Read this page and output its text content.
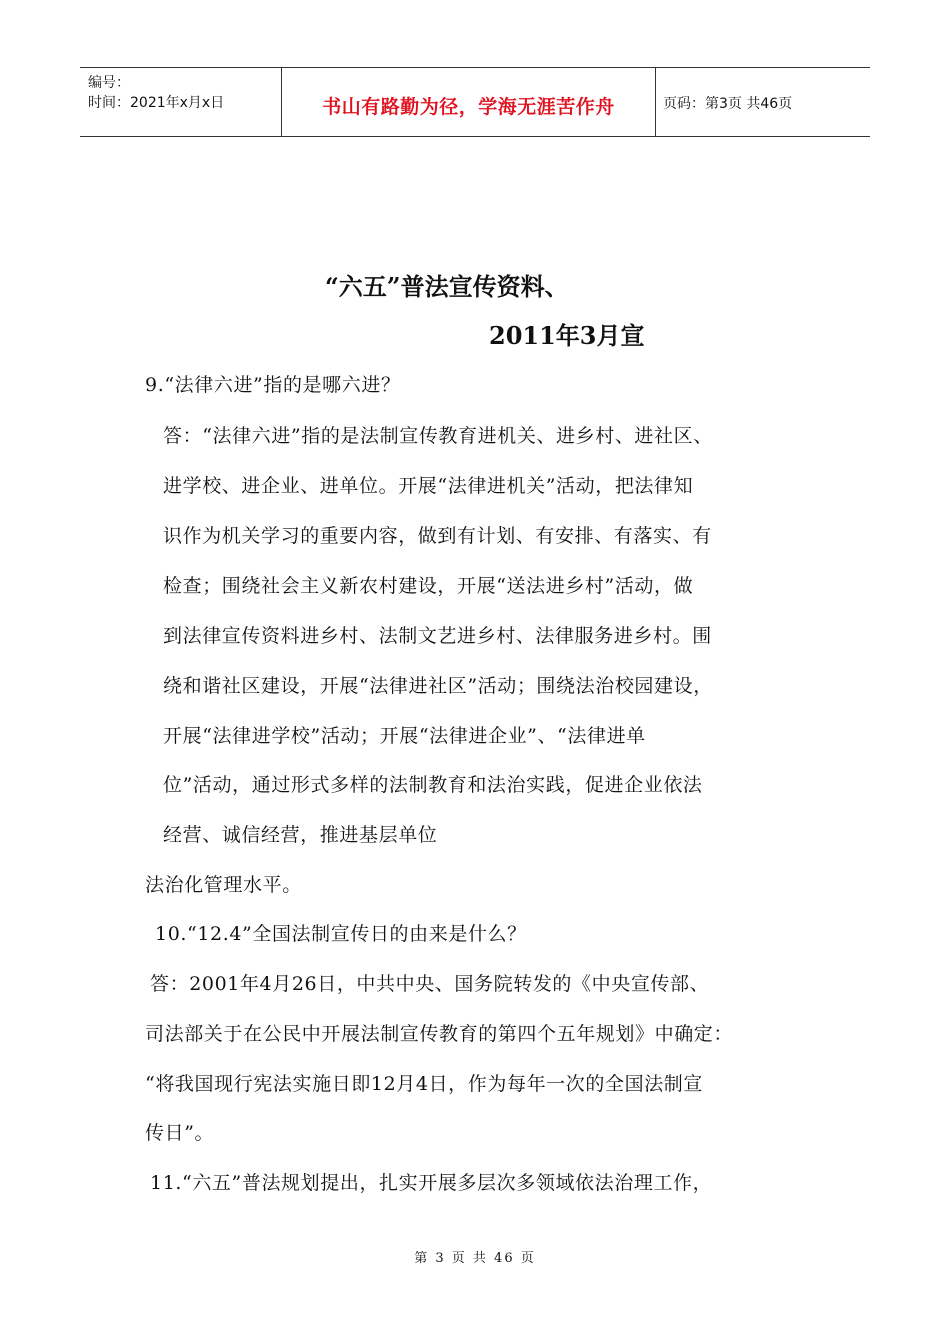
编号：
时间：2021年x月x日	书山有路勤为径，学海无涯苦作舟	页码：第3页 共46页
“六五”普法宣传资料、
2011年3月宣
9.“法律六进”指的是哪六进？
答：“法律六进”指的是法制宣传教育进机关、进乡村、进社区、
进学校、进企业、进单位。开展“法律进机关”活动，把法律知
识作为机关学习的重要内容，做到有计划、有安排、有落实、有
检查；围绕社会主义新农村建设，开展“送法进乡村”活动，做
到法律宣传资料进乡村、法制文艺进乡村、法律服务进乡村。围
绕和谐社区建设，开展“法律进社区”活动；围绕法治校园建设，
开展“法律进学校”活动；开展“法律进企业”、“法律进单
位”活动，通过形式多样的法制教育和法治实践，促进企业依法
经营、诚信经营，推进基层单位
法治化管理水平。
10.“12.4”全国法制宣传日的由来是什么？
答：2001年4月26日，中共中央、国务院转发的《中央宣传部、
司法部关于在公民中开展法制宣传教育的第四个五年规划》中确定：
“将我国现行宪法实施日即12月4日，作为每年一次的全国法制宣
传日”。
11.“六五”普法规划提出，扎实开展多层次多领域依法治理工作，
第 3 页 共 46 页
